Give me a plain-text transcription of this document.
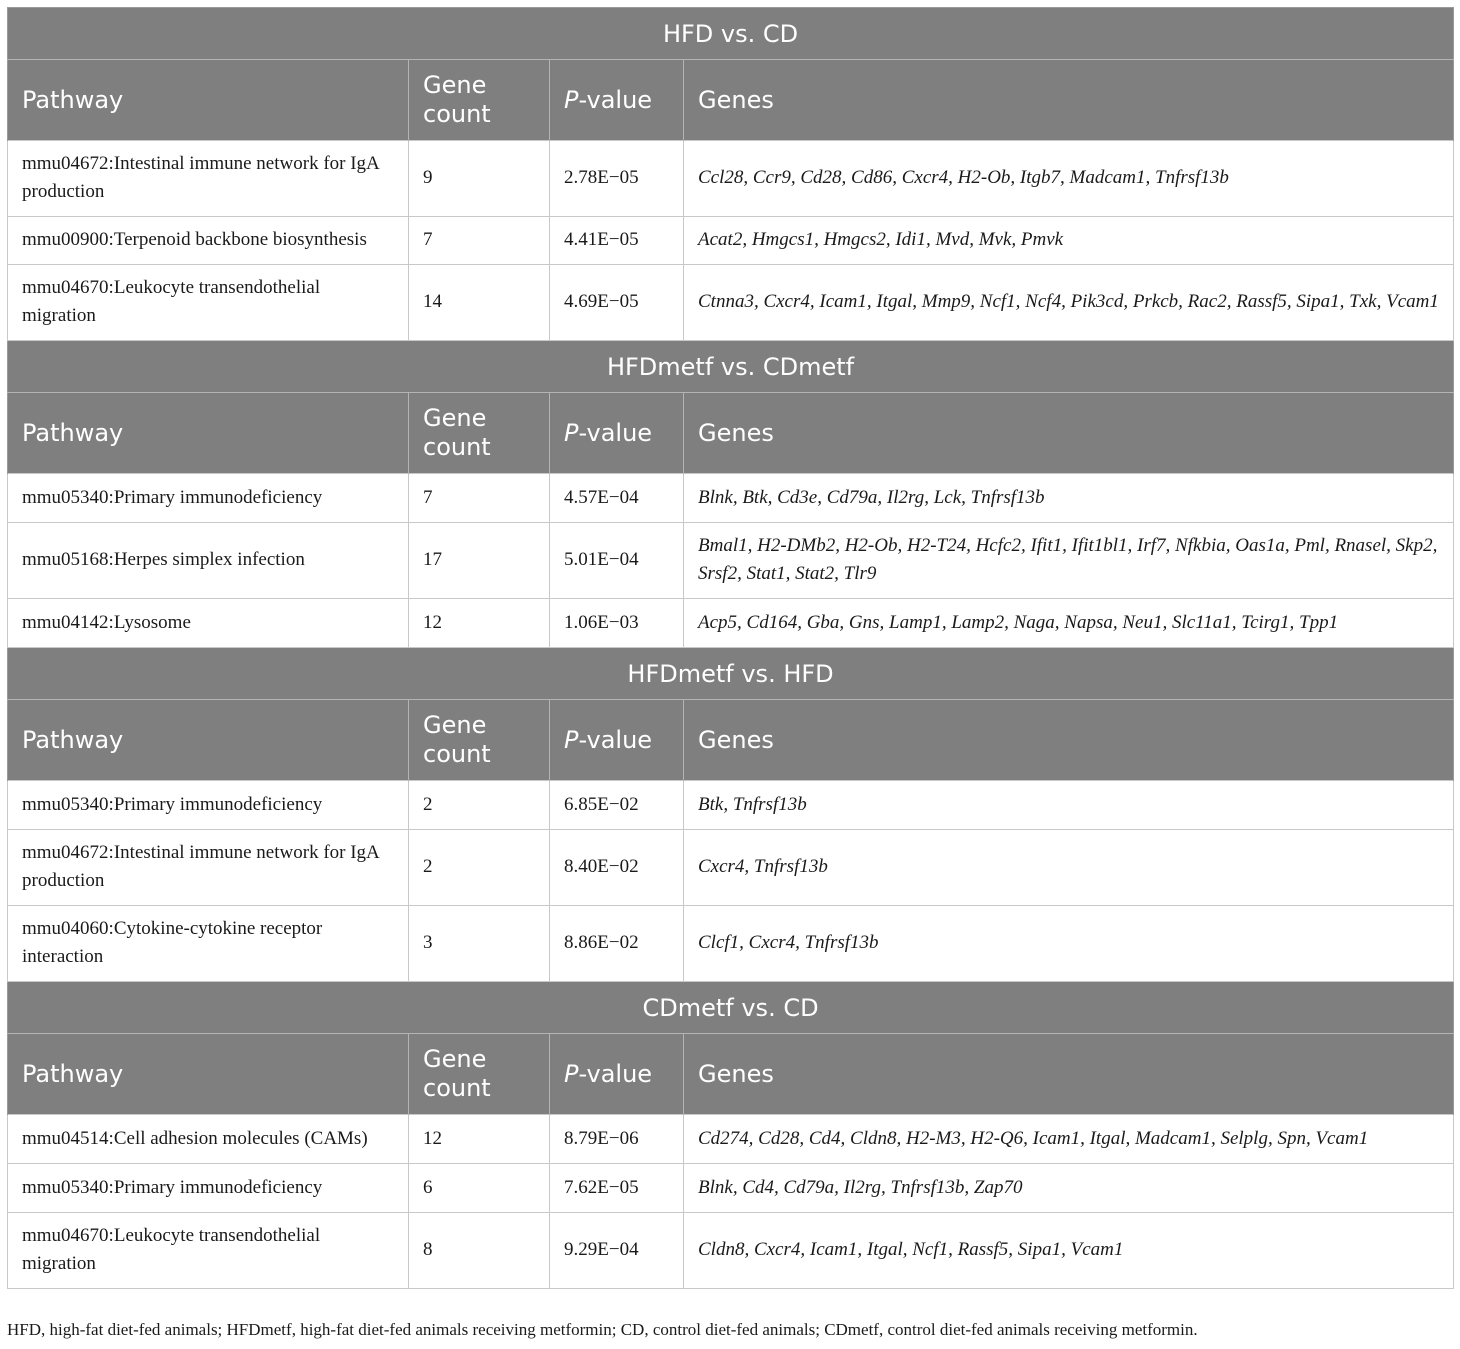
HFD vs. CD			
Pathway	Gene count	P-value	Genes
mmu04672:Intestinal immune network for IgA production	9	2.78E−05	Ccl28, Ccr9, Cd28, Cd86, Cxcr4, H2-Ob, Itgb7, Madcam1, Tnfrsf13b
mmu00900:Terpenoid backbone biosynthesis	7	4.41E−05	Acat2, Hmgcs1, Hmgcs2, Idi1, Mvd, Mvk, Pmvk
mmu04670:Leukocyte transendothelial migration	14	4.69E−05	Ctnna3, Cxcr4, Icam1, Itgal, Mmp9, Ncf1, Ncf4, Pik3cd, Prkcb, Rac2, Rassf5, Sipa1, Txk, Vcam1
HFDmetf vs. CDmetf			
Pathway	Gene count	P-value	Genes
mmu05340:Primary immunodeficiency	7	4.57E−04	Blnk, Btk, Cd3e, Cd79a, Il2rg, Lck, Tnfrsf13b
mmu05168:Herpes simplex infection	17	5.01E−04	Bmal1, H2-DMb2, H2-Ob, H2-T24, Hcfc2, Ifit1, Ifit1bl1, Irf7, Nfkbia, Oas1a, Pml, Rnasel, Skp2, Srsf2, Stat1, Stat2, Tlr9
mmu04142:Lysosome	12	1.06E−03	Acp5, Cd164, Gba, Gns, Lamp1, Lamp2, Naga, Napsa, Neu1, Slc11a1, Tcirg1, Tpp1
HFDmetf vs. HFD			
Pathway	Gene count	P-value	Genes
mmu05340:Primary immunodeficiency	2	6.85E−02	Btk, Tnfrsf13b
mmu04672:Intestinal immune network for IgA production	2	8.40E−02	Cxcr4, Tnfrsf13b
mmu04060:Cytokine-cytokine receptor interaction	3	8.86E−02	Clcf1, Cxcr4, Tnfrsf13b
CDmetf vs. CD			
Pathway	Gene count	P-value	Genes
mmu04514:Cell adhesion molecules (CAMs)	12	8.79E−06	Cd274, Cd28, Cd4, Cldn8, H2-M3, H2-Q6, Icam1, Itgal, Madcam1, Selplg, Spn, Vcam1
mmu05340:Primary immunodeficiency	6	7.62E−05	Blnk, Cd4, Cd79a, Il2rg, Tnfrsf13b, Zap70
mmu04670:Leukocyte transendothelial migration	8	9.29E−04	Cldn8, Cxcr4, Icam1, Itgal, Ncf1, Rassf5, Sipa1, Vcam1
HFD, high-fat diet-fed animals; HFDmetf, high-fat diet-fed animals receiving metformin; CD, control diet-fed animals; CDmetf, control diet-fed animals receiving metformin.
